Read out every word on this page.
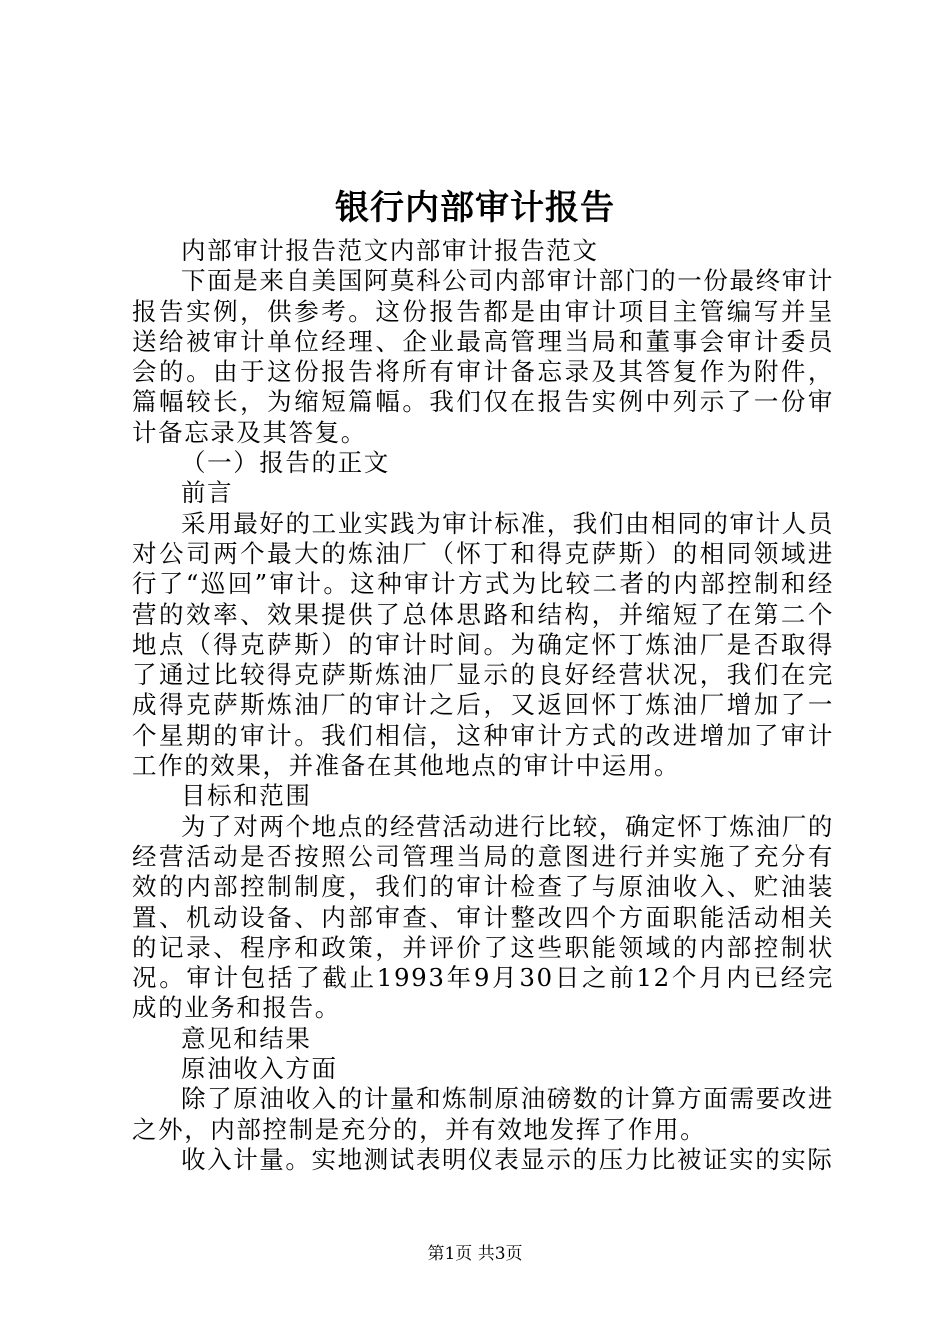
银行内部审计报告

内部审计报告范文内部审计报告范文

下面是来自美国阿莫科公司内部审计部门的一份最终审计报告实例，供参考。这份报告都是由审计项目主管编写并呈送给被审计单位经理、企业最高管理当局和董事会审计委员会的。由于这份报告将所有审计备忘录及其答复作为附件，篇幅较长，为缩短篇幅。我们仅在报告实例中列示了一份审计备忘录及其答复。

（一）报告的正文

前言

采用最好的工业实践为审计标准，我们由相同的审计人员对公司两个最大的炼油厂（怀丁和得克萨斯）的相同领域进行了“巡回”审计。这种审计方式为比较二者的内部控制和经营的效率、效果提供了总体思路和结构，并缩短了在第二个地点（得克萨斯）的审计时间。为确定怀丁炼油厂是否取得了通过比较得克萨斯炼油厂显示的良好经营状况，我们在完成得克萨斯炼油厂的审计之后，又返回怀丁炼油厂增加了一个星期的审计。我们相信，这种审计方式的改进增加了审计工作的效果，并准备在其他地点的审计中运用。

目标和范围

为了对两个地点的经营活动进行比较，确定怀丁炼油厂的经营活动是否按照公司管理当局的意图进行并实施了充分有效的内部控制制度，我们的审计检查了与原油收入、贮油装置、机动设备、内部审查、审计整改四个方面职能活动相关的记录、程序和政策，并评价了这些职能领域的内部控制状况。审计包括了截止1993年9月30日之前12个月内已经完成的业务和报告。

意见和结果

原油收入方面

除了原油收入的计量和炼制原油磅数的计算方面需要改进之外，内部控制是充分的，并有效地发挥了作用。

收入计量。实地测试表明仪表显示的压力比被证实的实际

第1页 共3页
